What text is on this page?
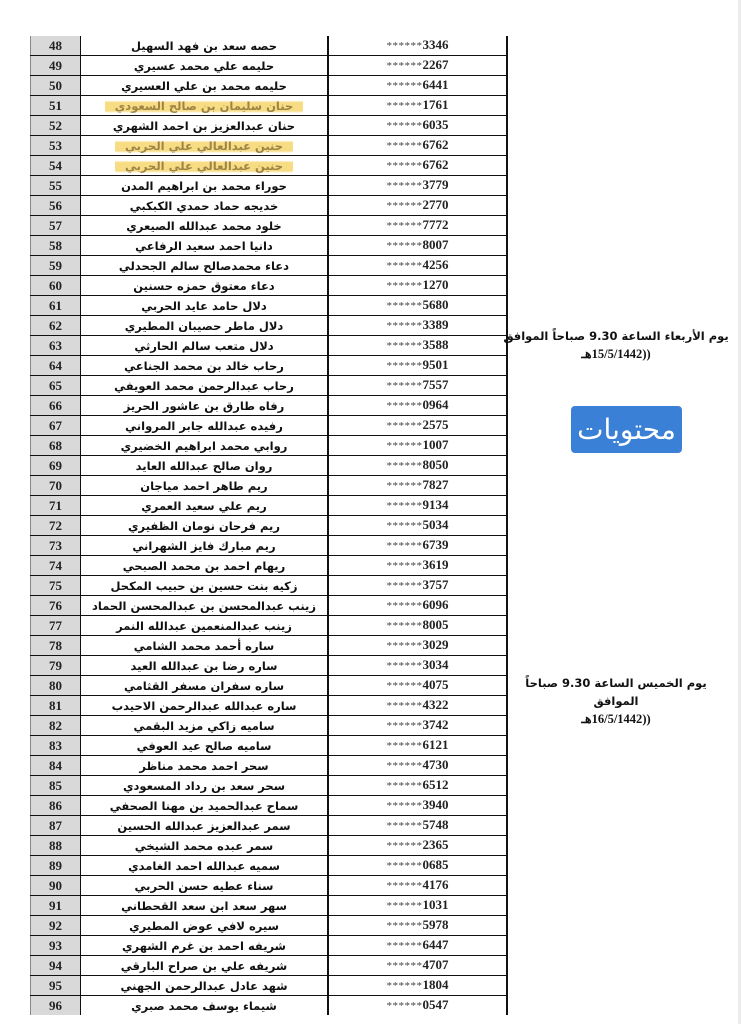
48	حصه سعد بن فهد السهيل	******3346
49	حليمه علي محمد عسيري	******2267
50	حليمه محمد بن علي العسيري	******6441
51	حنان سليمان بن صالح السعودي	******1761
52	حنان عبدالعزيز بن احمد الشهري	******6035
53	حنين عبدالعالي علي الحربي	******6762
54	حنين عبدالعالي علي الحربي	******6762
55	حوراء محمد بن ابراهيم المدن	******3779
56	خديجه حماد حمدي الكبكبي	******2770
57	خلود محمد عبدالله الصيعري	******7772
58	دانيا احمد سعيد الرفاعي	******8007
59	دعاء محمدصالح سالم الجحدلي	******4256
60	دعاء معتوق حمزه حسنين	******1270
61	دلال حامد عايد الحربي	******5680
62	دلال ماطر حصيبان المطيري	******3389
63	دلال متعب سالم الحارثي	******3588
64	رحاب خالد بن محمد الجناعي	******9501
65	رحاب عبدالرحمن محمد العويفي	******7557
66	رفاه طارق بن عاشور الحريز	******0964
67	رفيده عبدالله جابر المرواني	******2575
68	روابي محمد ابراهيم الخضيري	******1007
69	روان صالح عبدالله العايد	******8050
70	ريم طاهر احمد مياجان	******7827
71	ريم علي سعيد العمري	******9134
72	ريم فرحان نومان الظفيري	******5034
73	ريم مبارك فايز الشهراني	******6739
74	ريهام احمد بن محمد الصبحي	******3619
75	زكيه بنت حسين بن حبيب المكحل	******3757
76	زينب عبدالمحسن بن عبدالمحسن الحماد	******6096
77	زينب عبدالمنعمين عبدالله النمر	******8005
78	ساره أحمد محمد الشامي	******3029
79	ساره رضا بن عبدالله العيد	******3034
80	ساره سفران مسفر القثامي	******4075
81	ساره عبدالله عبدالرحمن الاحيدب	******4322
82	ساميه زاكي مزيد البقمي	******3742
83	ساميه صالح عيد العوفي	******6121
84	سحر احمد محمد مناظر	******4730
85	سحر سعد بن رداد المسعودي	******6512
86	سماح عبدالحميد بن مهنا الصحفي	******3940
87	سمر عبدالعزيز عبدالله الحسين	******5748
88	سمر عبده محمد الشيخي	******2365
89	سميه عبدالله احمد الغامدي	******0685
90	سناء عطيه حسن الحربي	******4176
91	سهر سعد ابن سعد القحطاني	******1031
92	سيره لافي عوض المطيري	******5978
93	شريفه احمد بن غرم الشهري	******6447
94	شريفه علي بن صراح البارقي	******4707
95	شهد عادل عبدالرحمن الجهني	******1804
96	شيماء يوسف محمد صبري	******0547
يوم الأربعاء الساعة 9.30 صباحاً الموافق
((15/5/1442هـ
محتويات
يوم الخميس الساعة 9.30 صباحاً الموافق
((16/5/1442هـ
